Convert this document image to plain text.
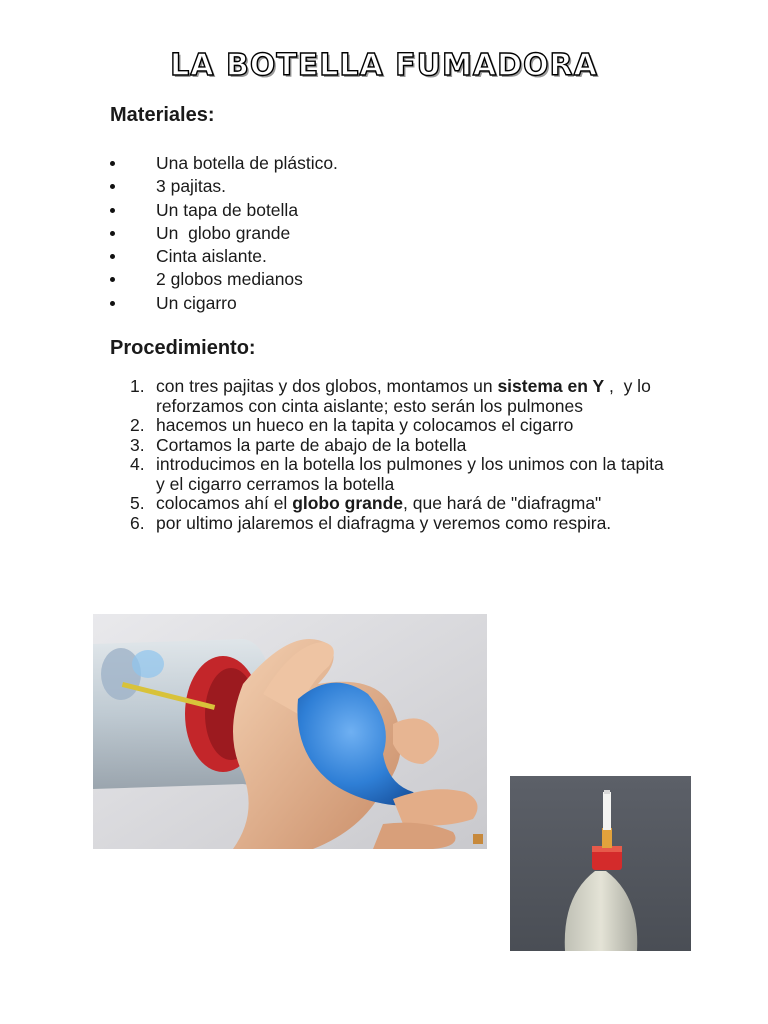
LA BOTELLA FUMADORA
Materiales:
Una botella de plástico.
3 pajitas.
Un tapa de botella
Un  globo grande
Cinta aislante.
2 globos medianos
Un cigarro
Procedimiento:
1. con tres pajitas y dos globos, montamos un sistema en Y ,  y lo reforzamos con cinta aislante; esto serán los pulmones
2. hacemos un hueco en la tapita y colocamos el cigarro
3. Cortamos la parte de abajo de la botella
4. introducimos en la botella los pulmones y los unimos con la tapita y el cigarro cerramos la botella
5. colocamos ahí el globo grande, que hará de "diafragma"
6. por ultimo jalaremos el diafragma y veremos como respira.
